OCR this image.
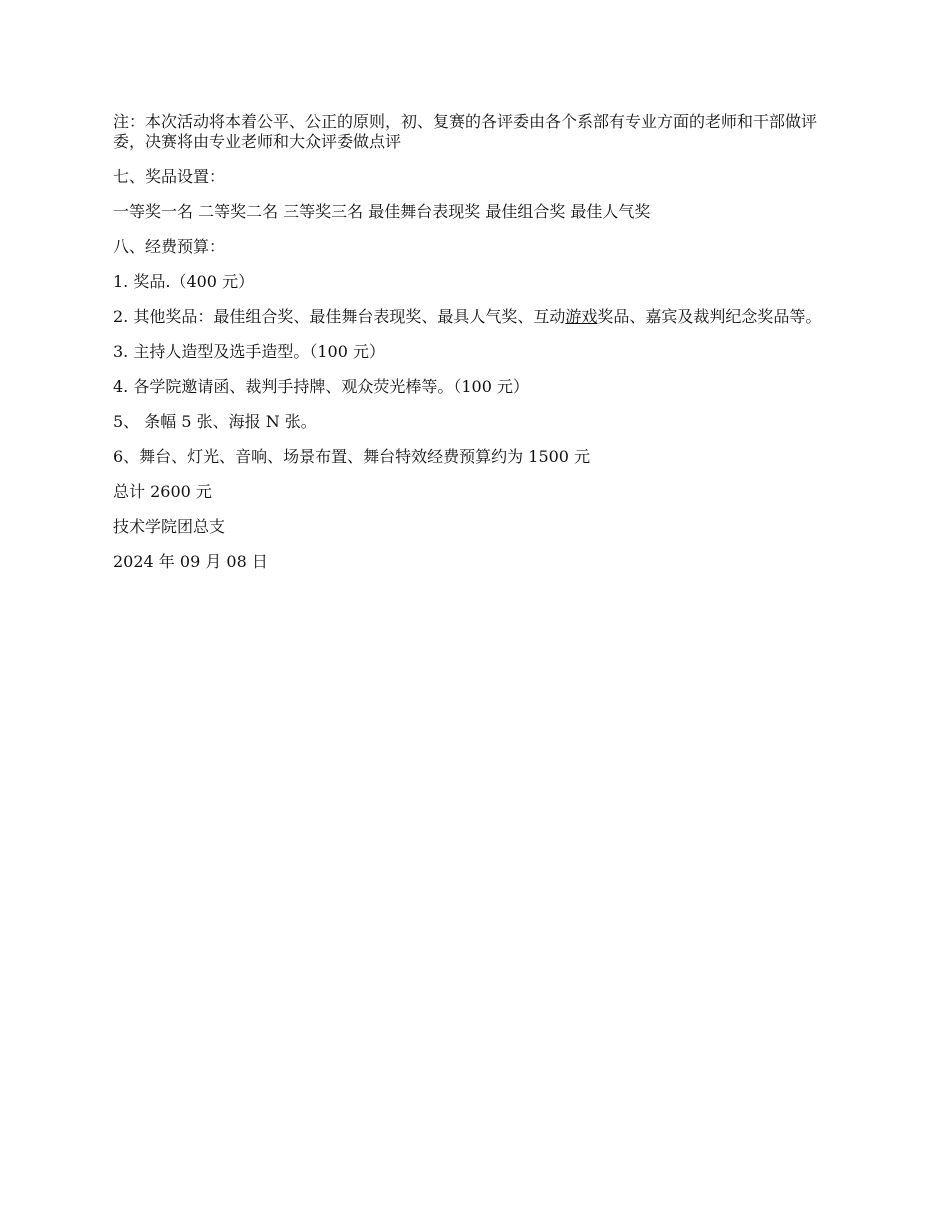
注：本次活动将本着公平、公正的原则，初、复赛的各评委由各个系部有专业方面的老师和干部做评委，决赛将由专业老师和大众评委做点评

七、奖品设置：

一等奖一名 二等奖二名 三等奖三名 最佳舞台表现奖 最佳组合奖 最佳人气奖

八、经费预算：

1. 奖品.（400 元）

2. 其他奖品：最佳组合奖、最佳舞台表现奖、最具人气奖、互动游戏奖品、嘉宾及裁判纪念奖品等。

3. 主持人造型及选手造型。（100 元）

4. 各学院邀请函、裁判手持牌、观众荧光棒等。（100 元）

5、 条幅 5 张、海报 N 张。

6、舞台、灯光、音响、场景布置、舞台特效经费预算约为 1500 元

总计 2600 元

技术学院团总支

2024 年 09 月 08 日
